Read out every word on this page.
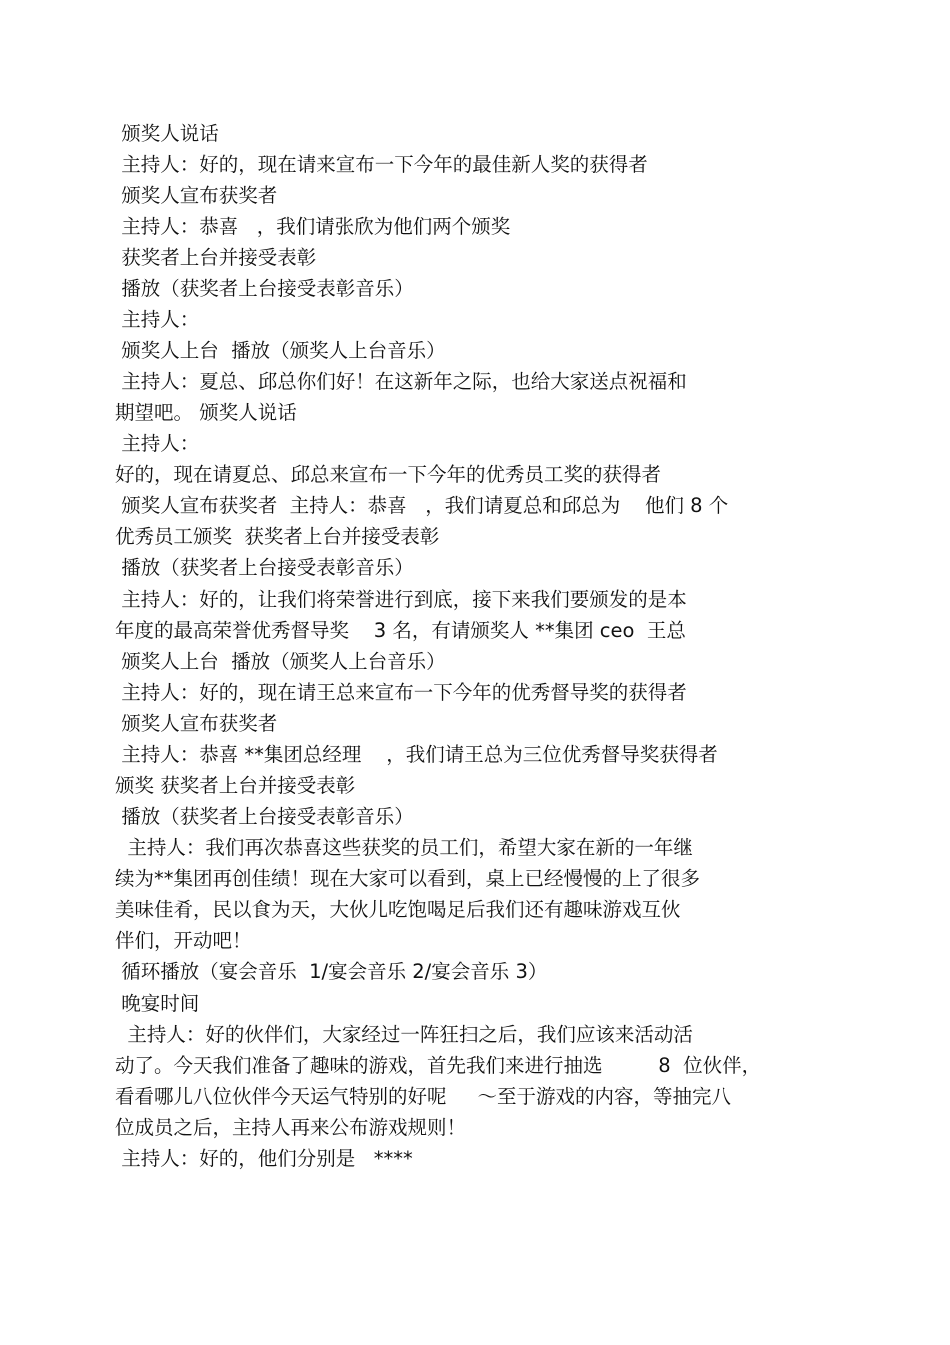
颁奖人说话
主持人：好的，现在请来宣布一下今年的最佳新人奖的获得者
颁奖人宣布获奖者
主持人：恭喜   ，我们请张欣为他们两个颁奖
获奖者上台并接受表彰
播放（获奖者上台接受表彰音乐）
主持人：
颁奖人上台  播放（颁奖人上台音乐）
主持人：夏总、邱总你们好！在这新年之际，也给大家送点祝福和
期望吧。 颁奖人说话
主持人：
好的，现在请夏总、邱总来宣布一下今年的优秀员工奖的获得者
颁奖人宣布获奖者  主持人：恭喜   ，我们请夏总和邱总为    他们 8 个
优秀员工颁奖  获奖者上台并接受表彰
播放（获奖者上台接受表彰音乐）
主持人：好的，让我们将荣誉进行到底，接下来我们要颁发的是本
年度的最高荣誉优秀督导奖    3 名，有请颁奖人 **集团 ceo  王总
颁奖人上台  播放（颁奖人上台音乐）
主持人：好的，现在请王总来宣布一下今年的优秀督导奖的获得者
颁奖人宣布获奖者
主持人：恭喜 **集团总经理    ，我们请王总为三位优秀督导奖获得者
颁奖 获奖者上台并接受表彰
播放（获奖者上台接受表彰音乐）
主持人：我们再次恭喜这些获奖的员工们，希望大家在新的一年继
续为**集团再创佳绩！现在大家可以看到，桌上已经慢慢的上了很多
美味佳肴，民以食为天，大伙儿吃饱喝足后我们还有趣味游戏互伙
伴们，开动吧！
循环播放（宴会音乐  1/宴会音乐 2/宴会音乐 3）
晚宴时间
主持人：好的伙伴们，大家经过一阵狂扫之后，我们应该来活动活
动了。今天我们准备了趣味的游戏，首先我们来进行抽选         8  位伙伴，
看看哪儿八位伙伴今天运气特别的好呢     ～至于游戏的内容，等抽完八
位成员之后，主持人再来公布游戏规则！
主持人：好的，他们分别是   ****
